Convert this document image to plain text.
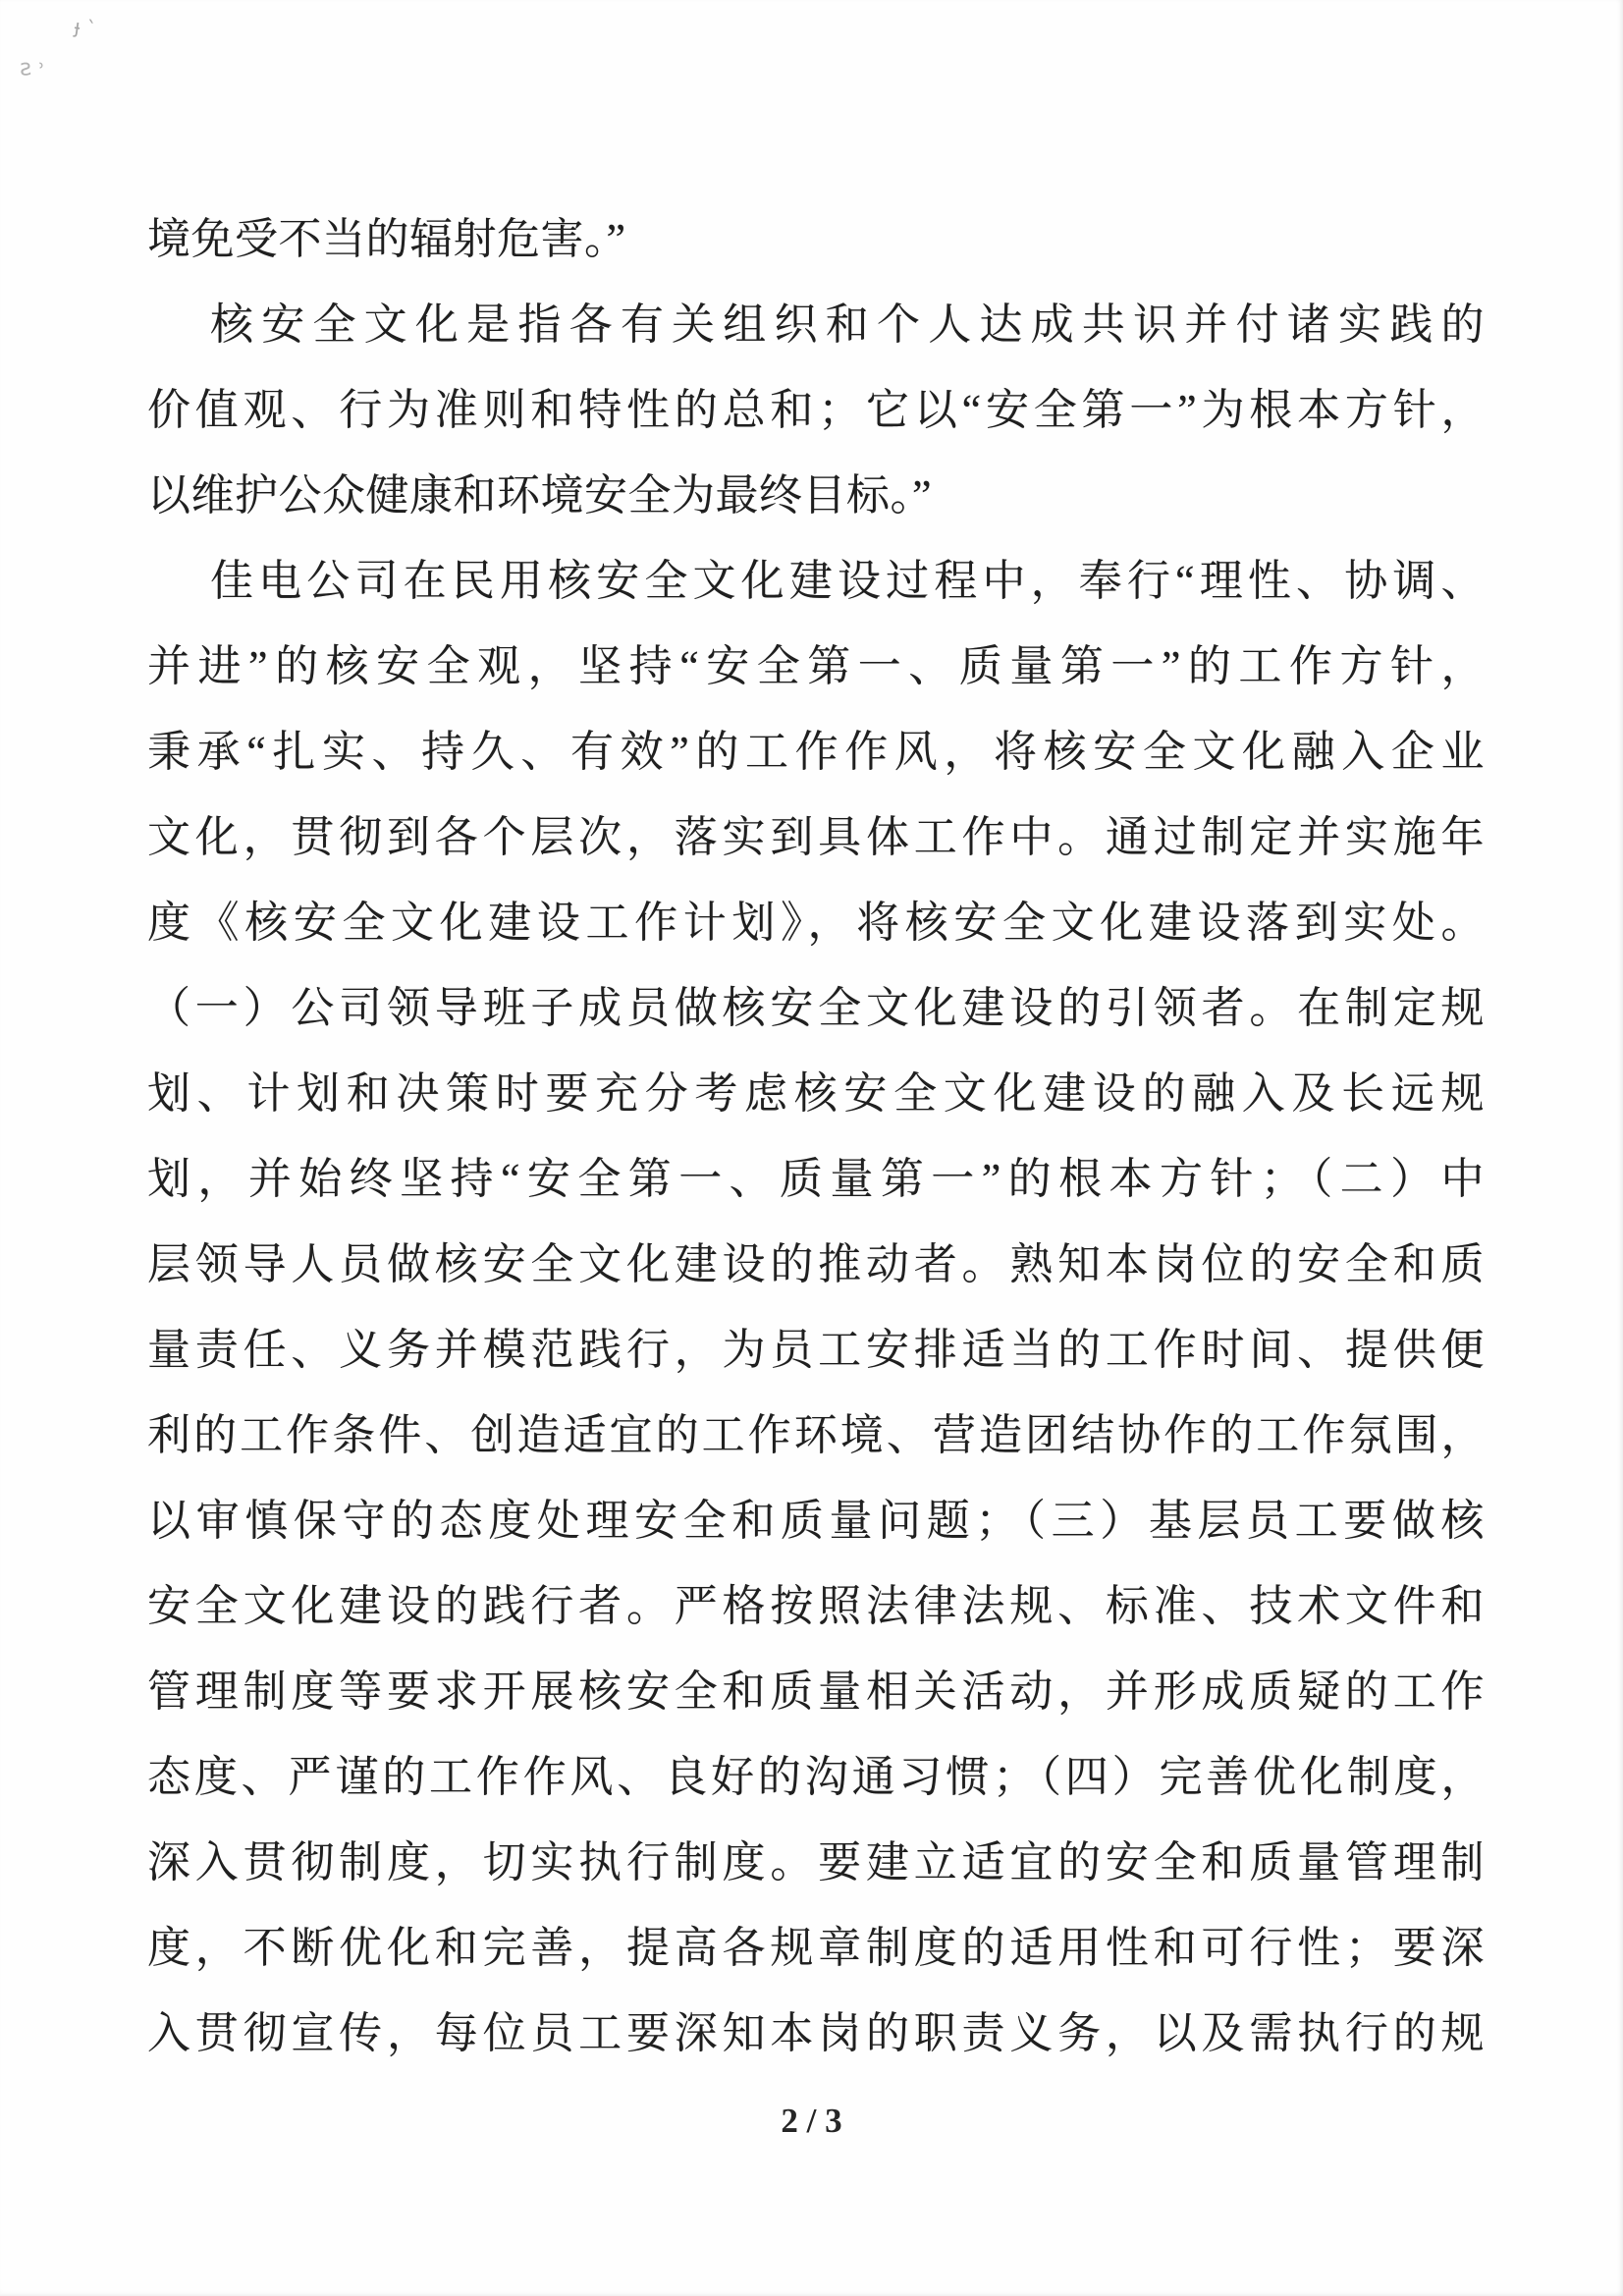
ɟ ˋ
ƨ ˒
境免受不当的辐射危害。”
核安全文化是指各有关组织和个人达成共识并付诸实践的
价值观、行为准则和特性的总和；它以“安全第一”为根本方针，
以维护公众健康和环境安全为最终目标。”
佳电公司在民用核安全文化建设过程中，奉行“理性、协调、
并进”的核安全观，坚持“安全第一、质量第一”的工作方针，
秉承“扎实、持久、有效”的工作作风，将核安全文化融入企业
文化，贯彻到各个层次，落实到具体工作中。通过制定并实施年
度《核安全文化建设工作计划》，将核安全文化建设落到实处。
（一）公司领导班子成员做核安全文化建设的引领者。在制定规
划、计划和决策时要充分考虑核安全文化建设的融入及长远规
划，并始终坚持“安全第一、质量第一”的根本方针；（二）中
层领导人员做核安全文化建设的推动者。熟知本岗位的安全和质
量责任、义务并模范践行，为员工安排适当的工作时间、提供便
利的工作条件、创造适宜的工作环境、营造团结协作的工作氛围，
以审慎保守的态度处理安全和质量问题；（三）基层员工要做核
安全文化建设的践行者。严格按照法律法规、标准、技术文件和
管理制度等要求开展核安全和质量相关活动，并形成质疑的工作
态度、严谨的工作作风、良好的沟通习惯；（四）完善优化制度，
深入贯彻制度，切实执行制度。要建立适宜的安全和质量管理制
度，不断优化和完善，提高各规章制度的适用性和可行性；要深
入贯彻宣传，每位员工要深知本岗的职责义务，以及需执行的规
2 / 3
